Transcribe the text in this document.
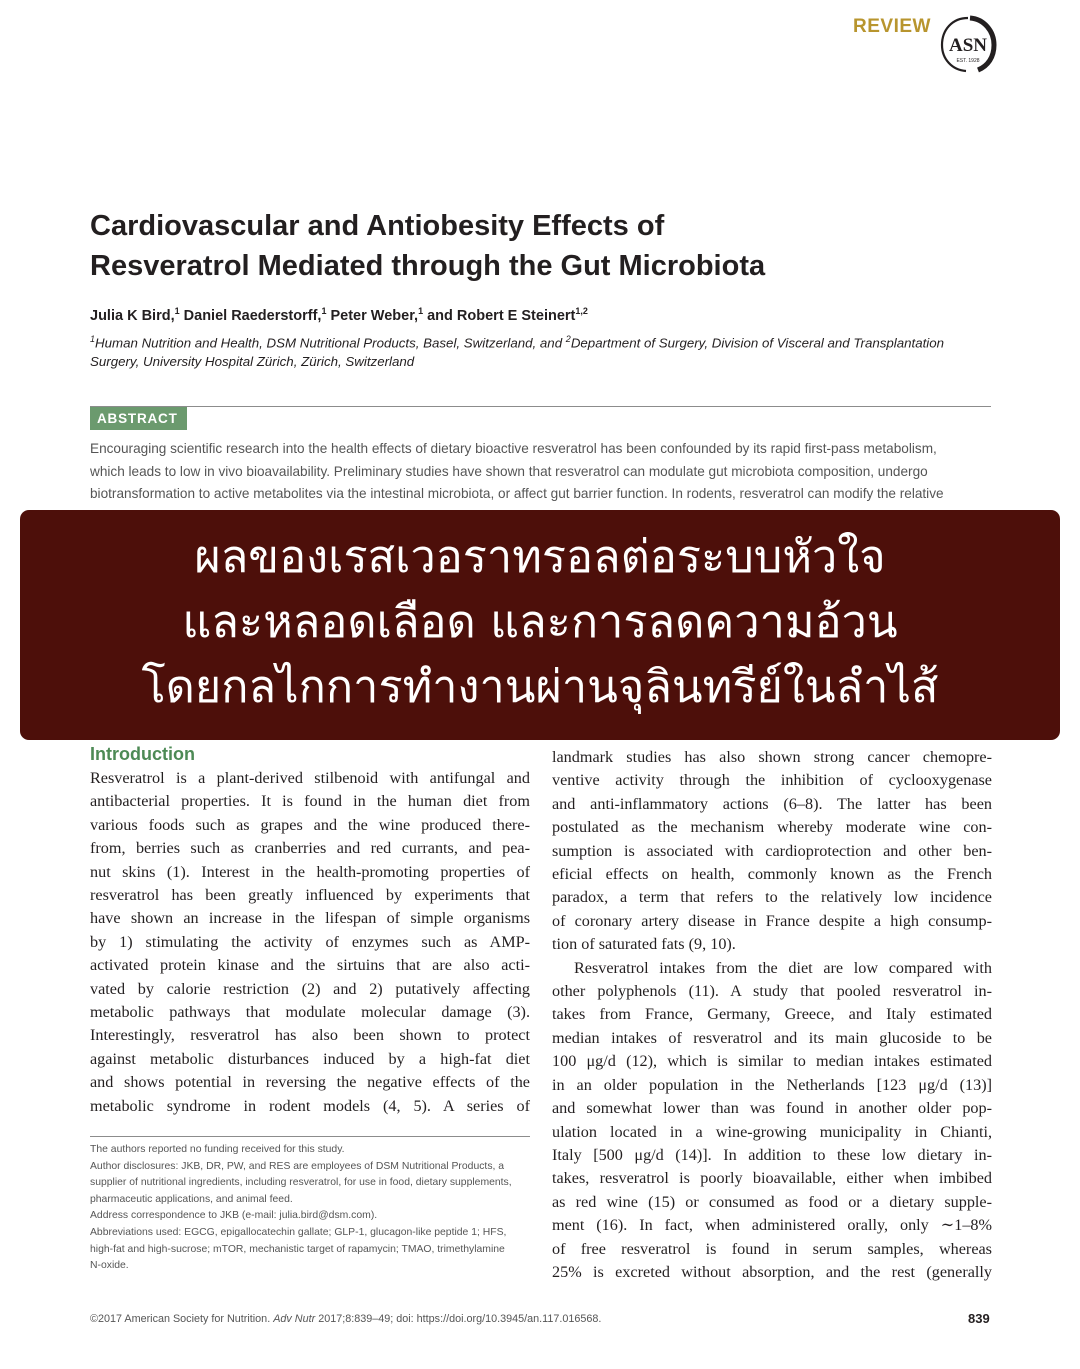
REVIEW
ASN
EST. 1928
Cardiovascular and Antiobesity Effects of
Resveratrol Mediated through the Gut Microbiota
Julia K Bird,$^1$ Daniel Raederstorff,$^1$ Peter Weber,$^1$ and Robert E Steinert$^{1,2}$
$^1$Human Nutrition and Health, DSM Nutritional Products, Basel, Switzerland, and $^2$Department of Surgery, Division of Visceral and Transplantation
Surgery, University Hospital Zürich, Zürich, Switzerland
ABSTRACT
Encouraging scientific research into the health effects of dietary bioactive resveratrol has been confounded by its rapid first-pass metabolism,
which leads to low in vivo bioavailability. Preliminary studies have shown that resveratrol can modulate gut microbiota composition, undergo
biotransformation to active metabolites via the intestinal microbiota, or affect gut barrier function. In rodents, resveratrol can modify the relative
ผลของเรสเวอราทรอลต่อระบบหัวใจ
และหลอดเลือด และการลดความอ้วน
โดยกลไกการทำงานผ่านจุลินทรีย์ในลำไส้
Introduction
Resveratrol is a plant-derived stilbenoid with antifungal and
antibacterial properties. It is found in the human diet from
various foods such as grapes and the wine produced there-
from, berries such as cranberries and red currants, and pea-
nut skins (1). Interest in the health-promoting properties of
resveratrol has been greatly influenced by experiments that
have shown an increase in the lifespan of simple organisms
by 1) stimulating the activity of enzymes such as AMP-
activated protein kinase and the sirtuins that are also acti-
vated by calorie restriction (2) and 2) putatively affecting
metabolic pathways that modulate molecular damage (3).
Interestingly, resveratrol has also been shown to protect
against metabolic disturbances induced by a high-fat diet
and shows potential in reversing the negative effects of the
metabolic syndrome in rodent models (4, 5). A series of
landmark studies has also shown strong cancer chemopre-
ventive activity through the inhibition of cyclooxygenase
and anti-inflammatory actions (6–8). The latter has been
postulated as the mechanism whereby moderate wine con-
sumption is associated with cardioprotection and other ben-
eficial effects on health, commonly known as the French
paradox, a term that refers to the relatively low incidence
of coronary artery disease in France despite a high consump-
tion of saturated fats (9, 10).
Resveratrol intakes from the diet are low compared with
other polyphenols (11). A study that pooled resveratrol in-
takes from France, Germany, Greece, and Italy estimated
median intakes of resveratrol and its main glucoside to be
100 μg/d (12), which is similar to median intakes estimated
in an older population in the Netherlands [123 μg/d (13)]
and somewhat lower than was found in another older pop-
ulation located in a wine-growing municipality in Chianti,
Italy [500 μg/d (14)]. In addition to these low dietary in-
takes, resveratrol is poorly bioavailable, either when imbibed
as red wine (15) or consumed as food or a dietary supple-
ment (16). In fact, when administered orally, only ∼1–8%
of free resveratrol is found in serum samples, whereas
25% is excreted without absorption, and the rest (generally
The authors reported no funding received for this study.
Author disclosures: JKB, DR, PW, and RES are employees of DSM Nutritional Products, a
supplier of nutritional ingredients, including resveratrol, for use in food, dietary supplements,
pharmaceutic applications, and animal feed.
Address correspondence to JKB (e-mail: julia.bird@dsm.com).
Abbreviations used: EGCG, epigallocatechin gallate; GLP-1, glucagon-like peptide 1; HFS,
high-fat and high-sucrose; mTOR, mechanistic target of rapamycin; TMAO, trimethylamine
N-oxide.
©2017 American Society for Nutrition. Adv Nutr 2017;8:839–49; doi: https://doi.org/10.3945/an.117.016568.	839
